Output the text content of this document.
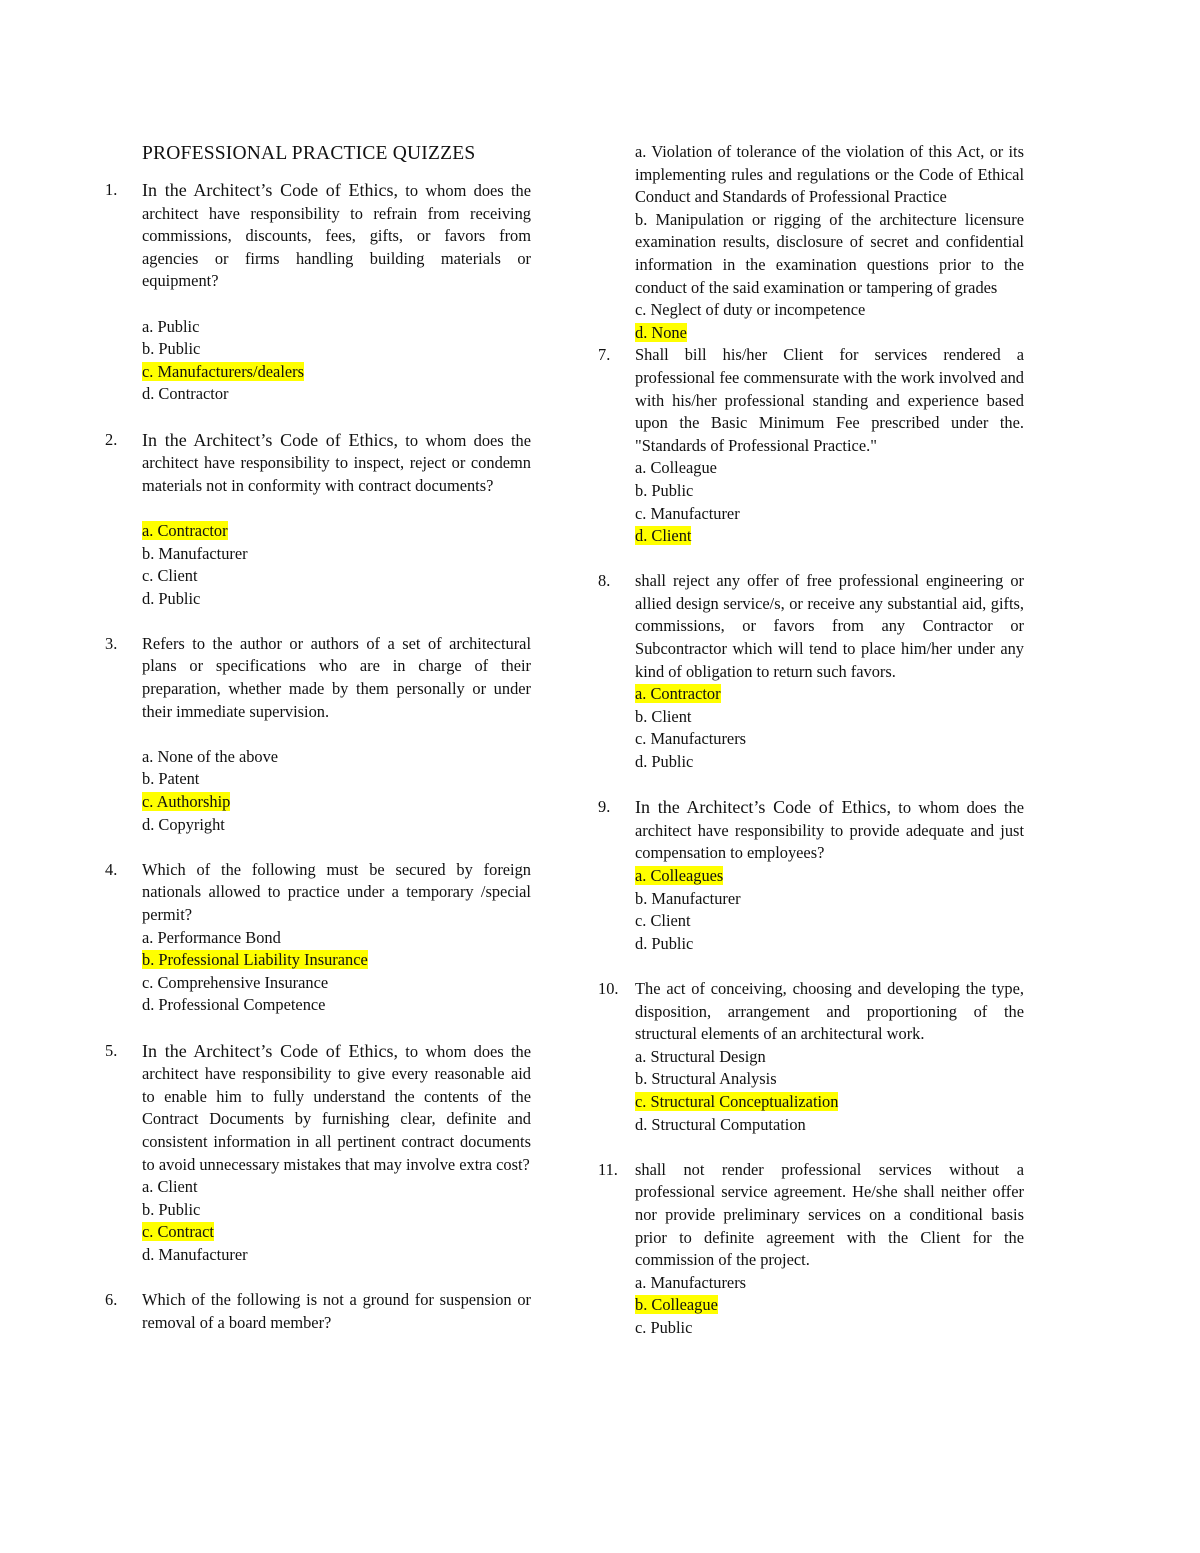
PROFESSIONAL PRACTICE QUIZZES
1.	In the Architect’s Code of Ethics, to whom does the architect have responsibility to refrain from receiving commissions, discounts, fees, gifts, or favors from agencies or firms handling building materials or equipment?

a. Public
b. Public
c. Manufacturers/dealers
d. Contractor
2.	In the Architect’s Code of Ethics, to whom does the architect have responsibility to inspect, reject or condemn materials not in conformity with contract documents?

a. Contractor
b. Manufacturer
c. Client
d. Public
3.	Refers to the author or authors of a set of architectural plans or specifications who are in charge of their preparation, whether made by them personally or under their immediate supervision.

a. None of the above
b. Patent
c. Authorship
d. Copyright
4.	Which of the following must be secured by foreign nationals allowed to practice under a temporary /special permit?

a. Performance Bond
b. Professional Liability Insurance
c. Comprehensive Insurance
d. Professional Competence
5.	In the Architect’s Code of Ethics, to whom does the architect have responsibility to give every reasonable aid to enable him to fully understand the contents of the Contract Documents by furnishing clear, definite and consistent information in all pertinent contract documents to avoid unnecessary mistakes that may involve extra cost?

a. Client
b. Public
c. Contract
d. Manufacturer
6.	Which of the following is not a ground for suspension or removal of a board member?

a. Violation of tolerance of the violation of this Act, or its implementing rules and regulations or the Code of Ethical Conduct and Standards of Professional Practice

b. Manipulation or rigging of the architecture licensure examination results, disclosure of secret and confidential information in the examination questions prior to the conduct of the said examination or tampering of grades

c. Neglect of duty or incompetence

d. None

7.	Shall bill his/her Client for services rendered a professional fee commensurate with the work involved and with his/her professional standing and experience based upon the Basic Minimum Fee prescribed under the. "Standards of Professional Practice."

a. Colleague
b. Public
c. Manufacturer
d. Client
8.	shall reject any offer of free professional engineering or allied design service/s, or receive any substantial aid, gifts, commissions, or favors from any Contractor or Subcontractor which will tend to place him/her under any kind of obligation to return such favors.

a. Contractor
b. Client
c. Manufacturers
d. Public
9.	In the Architect’s Code of Ethics, to whom does the architect have responsibility to provide adequate and just compensation to employees?

a. Colleagues
b. Manufacturer
c. Client
d. Public
10.	The act of conceiving, choosing and developing the type, disposition, arrangement and proportioning of the structural elements of an architectural work.

a. Structural Design
b. Structural Analysis
c. Structural Conceptualization
d. Structural Computation
11.	shall not render professional services without a professional service agreement. He/she shall neither offer nor provide preliminary services on a conditional basis prior to definite agreement with the Client for the commission of the project.

a. Manufacturers
b. Colleague
c. Public
